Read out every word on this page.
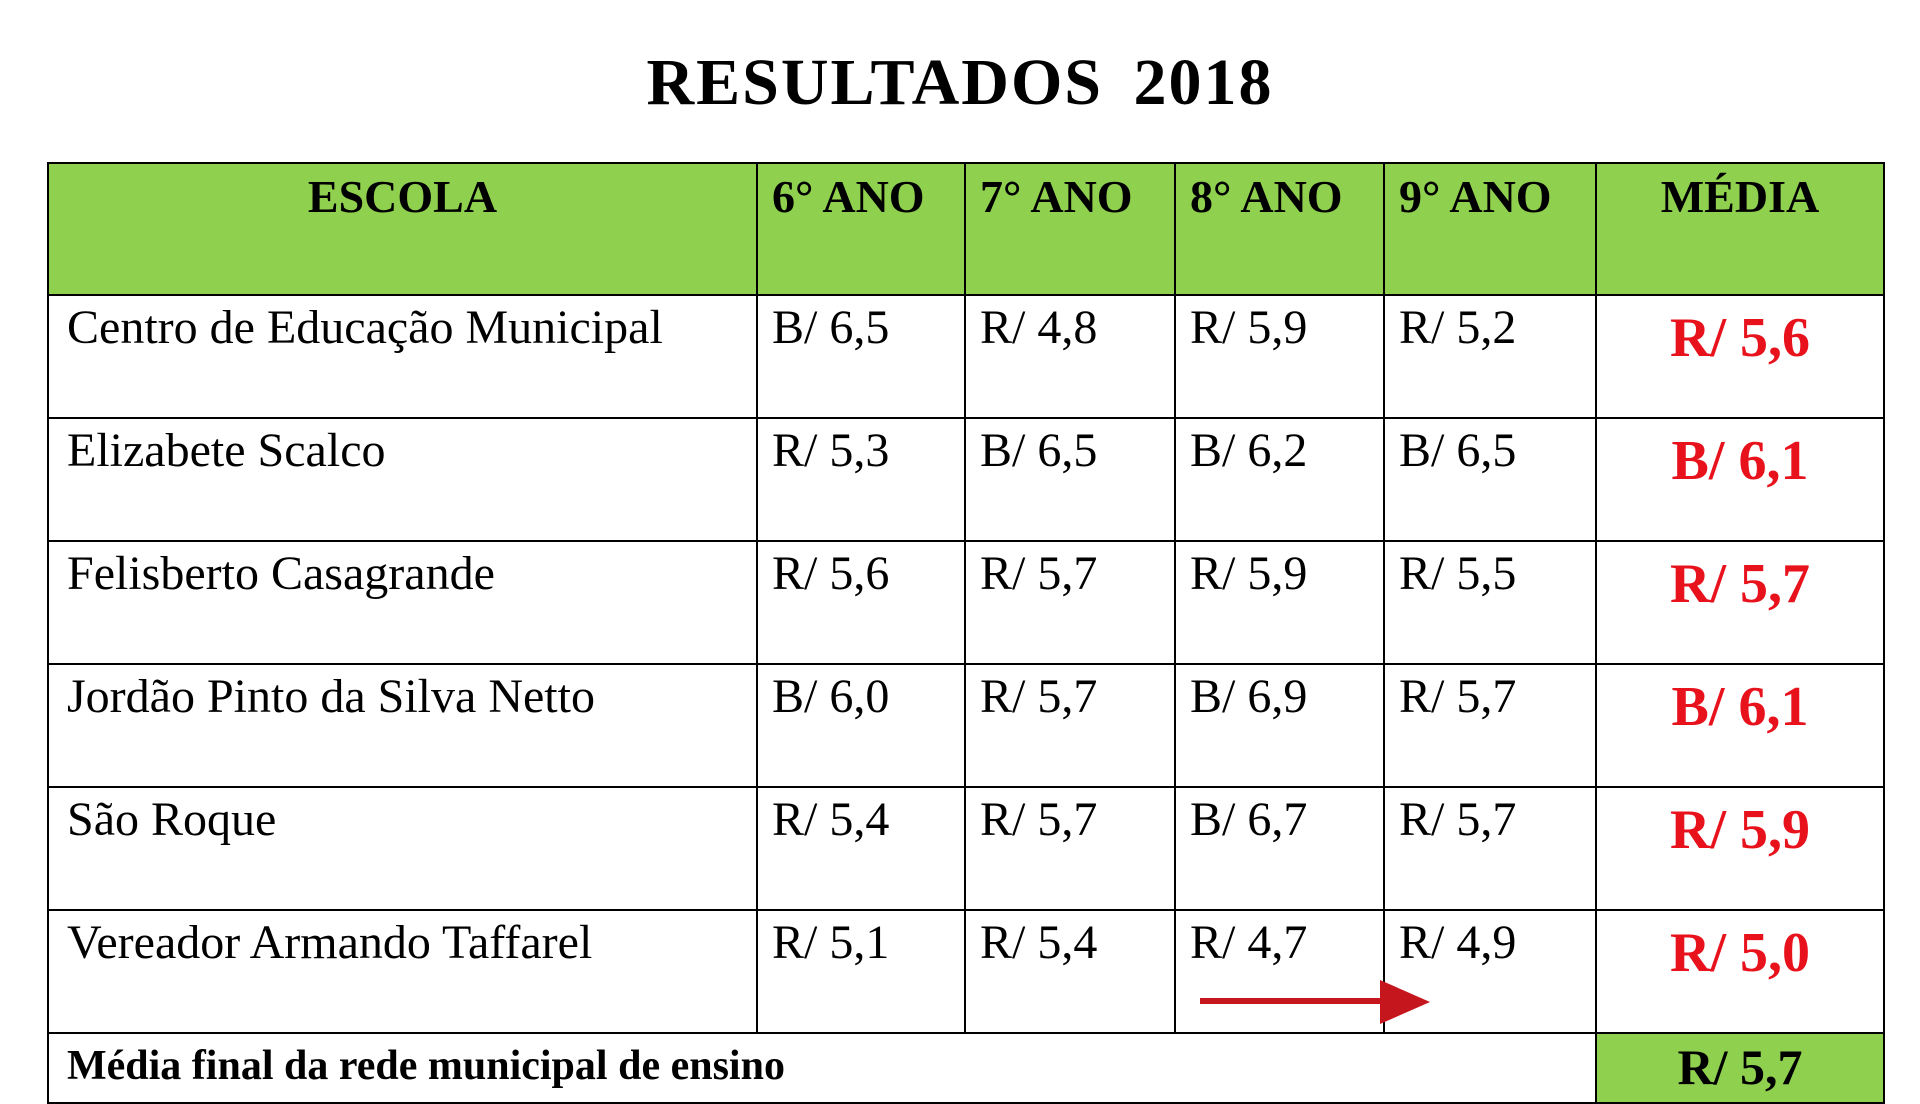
RESULTADOS 2018
ESCOLA	6° ANO	7° ANO	8° ANO	9° ANO	MÉDIA
Centro de Educação Municipal	B/ 6,5	R/ 4,8	R/ 5,9	R/ 5,2	R/ 5,6
Elizabete Scalco	R/ 5,3	B/ 6,5	B/ 6,2	B/ 6,5	B/ 6,1
Felisberto Casagrande	R/ 5,6	R/ 5,7	R/ 5,9	R/ 5,5	R/ 5,7
Jordão Pinto da Silva Netto	B/ 6,0	R/ 5,7	B/ 6,9	R/ 5,7	B/ 6,1
São Roque	R/ 5,4	R/ 5,7	B/ 6,7	R/ 5,7	R/ 5,9
Vereador Armando Taffarel	R/ 5,1	R/ 5,4	R/ 4,7	R/ 4,9	R/ 5,0
Média final da rede municipal de ensino					R/ 5,7
